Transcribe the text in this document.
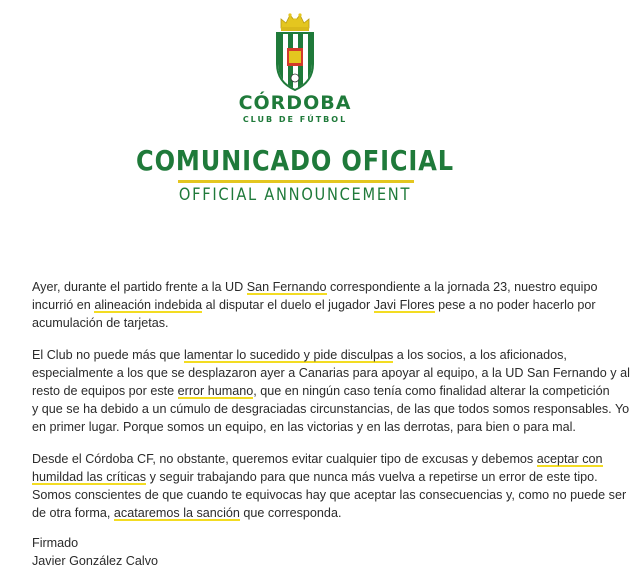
CÓRDOBA
CLUB DE FÚTBOL
COMUNICADO OFICIAL
OFFICIAL ANNOUNCEMENT

Ayer, durante el partido frente a la UD San Fernando correspondiente a la jornada 23, nuestro equipo
incurrió en alineación indebida al disputar el duelo el jugador Javi Flores pese a no poder hacerlo por
acumulación de tarjetas.

El Club no puede más que lamentar lo sucedido y pide disculpas a los socios, a los aficionados,
especialmente a los que se desplazaron ayer a Canarias para apoyar al equipo, a la UD San Fernando y al
resto de equipos por este error humano, que en ningún caso tenía como finalidad alterar la competición
y que se ha debido a un cúmulo de desgraciadas circunstancias, de las que todos somos responsables. Yo
en primer lugar. Porque somos un equipo, en las victorias y en las derrotas, para bien o para mal.

Desde el Córdoba CF, no obstante, queremos evitar cualquier tipo de excusas y debemos aceptar con
humildad las críticas y seguir trabajando para que nunca más vuelva a repetirse un error de este tipo.
Somos conscientes de que cuando te equivocas hay que aceptar las consecuencias y, como no puede ser
de otra forma, acataremos la sanción que corresponda.

Firmado
Javier González Calvo
